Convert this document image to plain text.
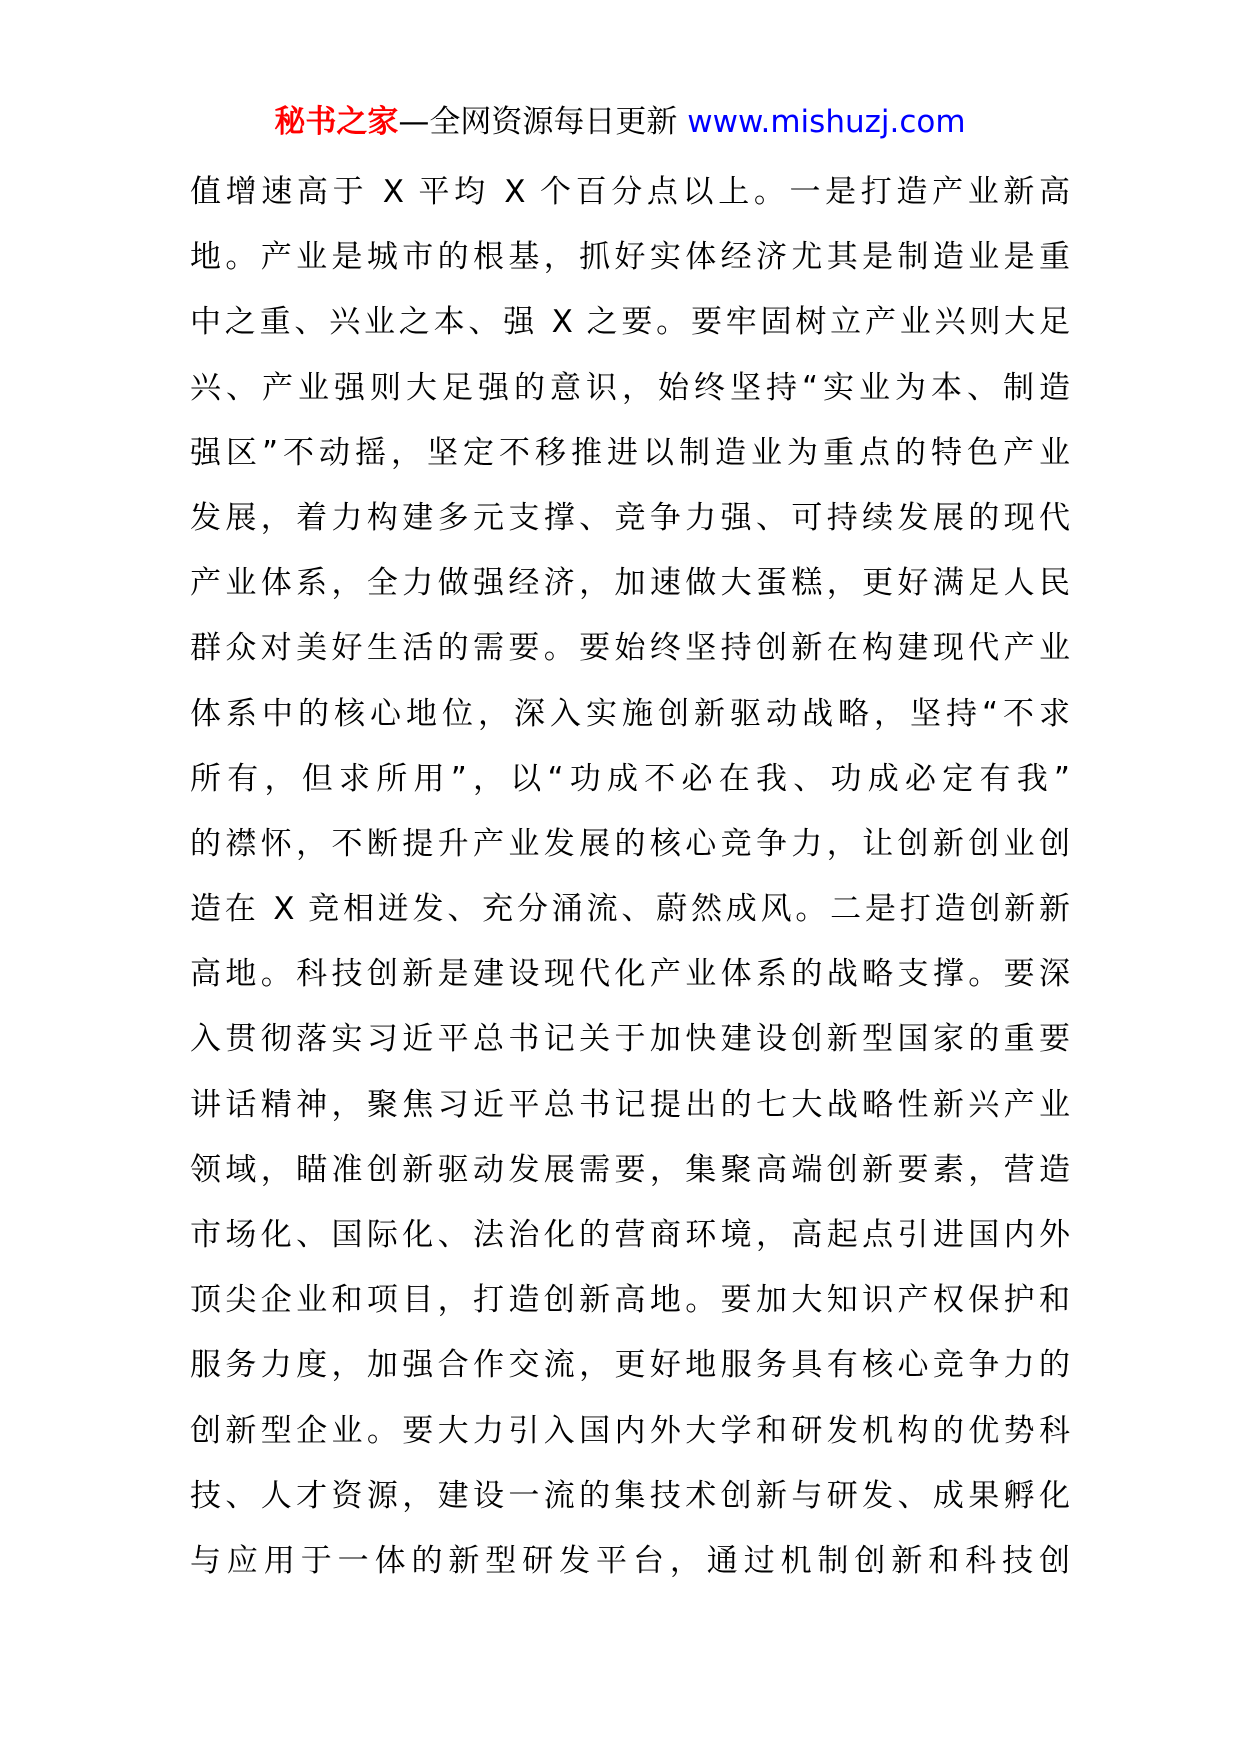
秘书之家—全网资源每日更新 www.mishuzj.com
值增速高于 X 平均 X 个百分点以上。一是打造产业新高
地。产业是城市的根基，抓好实体经济尤其是制造业是重
中之重、兴业之本、强 X 之要。要牢固树立产业兴则大足
兴、产业强则大足强的意识，始终坚持“实业为本、制造
强区”不动摇，坚定不移推进以制造业为重点的特色产业
发展，着力构建多元支撑、竞争力强、可持续发展的现代
产业体系，全力做强经济，加速做大蛋糕，更好满足人民
群众对美好生活的需要。要始终坚持创新在构建现代产业
体系中的核心地位，深入实施创新驱动战略，坚持“不求
所有，但求所用”，以“功成不必在我、功成必定有我”
的襟怀，不断提升产业发展的核心竞争力，让创新创业创
造在 X 竞相迸发、充分涌流、蔚然成风。二是打造创新新
高地。科技创新是建设现代化产业体系的战略支撑。要深
入贯彻落实习近平总书记关于加快建设创新型国家的重要
讲话精神，聚焦习近平总书记提出的七大战略性新兴产业
领域，瞄准创新驱动发展需要，集聚高端创新要素，营造
市场化、国际化、法治化的营商环境，高起点引进国内外
顶尖企业和项目，打造创新高地。要加大知识产权保护和
服务力度，加强合作交流，更好地服务具有核心竞争力的
创新型企业。要大力引入国内外大学和研发机构的优势科
技、人才资源，建设一流的集技术创新与研发、成果孵化
与应用于一体的新型研发平台，通过机制创新和科技创
